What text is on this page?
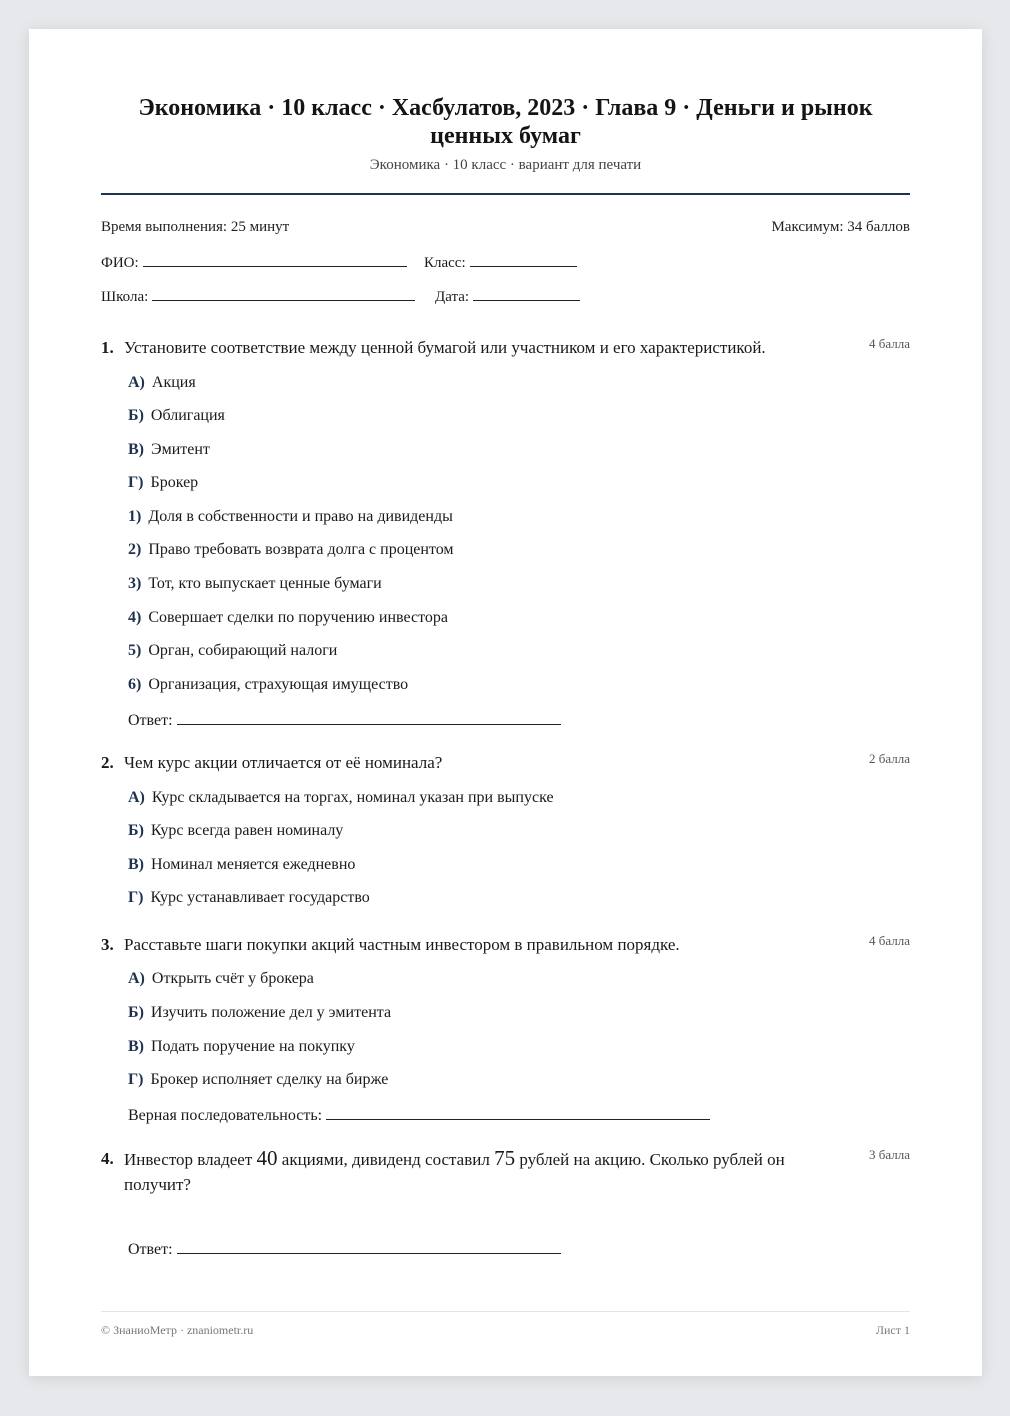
Экономика · 10 класс · Хасбулатов, 2023 · Глава 9 · Деньги и рынок ценных бумаг
Экономика · 10 класс · вариант для печати
Время выполнения: 25 минут	Максимум: 34 баллов
ФИО:	Класс:
Школа:	Дата:
1. Установите соответствие между ценной бумагой или участником и его характеристикой.	4 балла
А) Акция
Б) Облигация
В) Эмитент
Г) Брокер
1) Доля в собственности и право на дивиденды
2) Право требовать возврата долга с процентом
3) Тот, кто выпускает ценные бумаги
4) Совершает сделки по поручению инвестора
5) Орган, собирающий налоги
6) Организация, страхующая имущество
Ответ:
2. Чем курс акции отличается от её номинала?	2 балла
А) Курс складывается на торгах, номинал указан при выпуске
Б) Курс всегда равен номиналу
В) Номинал меняется ежедневно
Г) Курс устанавливает государство
3. Расставьте шаги покупки акций частным инвестором в правильном порядке.	4 балла
А) Открыть счёт у брокера
Б) Изучить положение дел у эмитента
В) Подать поручение на покупку
Г) Брокер исполняет сделку на бирже
Верная последовательность:
4. Инвестор владеет 40 акциями, дивиденд составил 75 рублей на акцию. Сколько рублей он получит?
3 балла
Ответ:
© ЗнаниоМетр · znaniometr.ru	Лист 1
